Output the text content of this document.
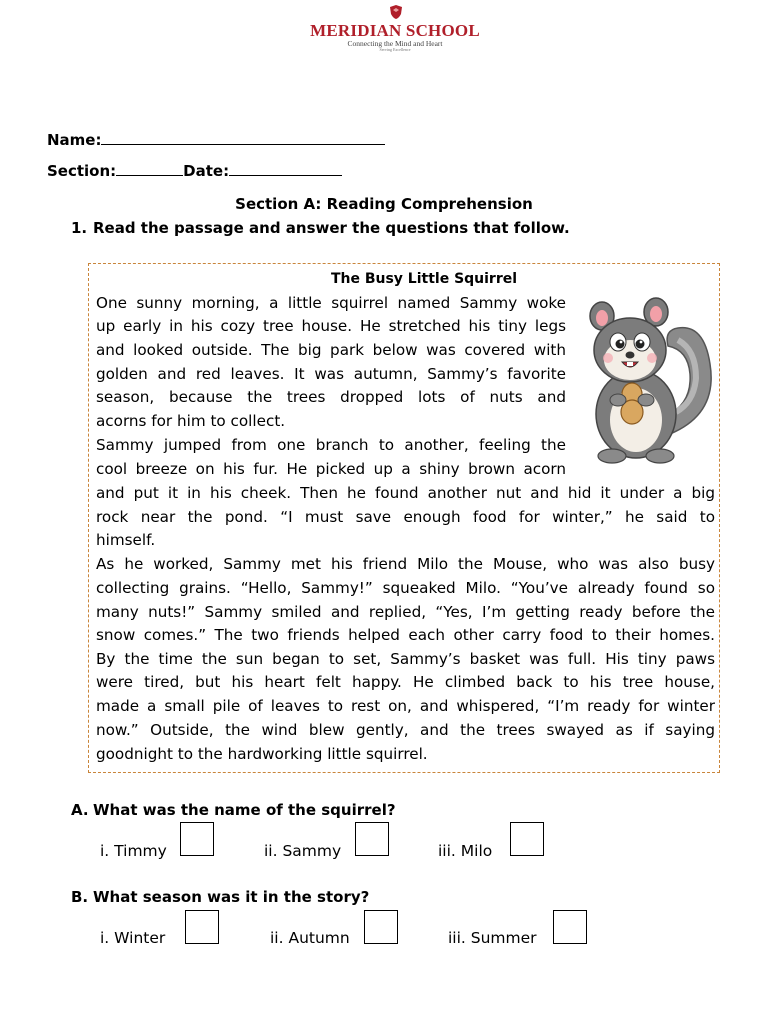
MERIDIAN SCHOOL
Connecting the Mind and Heart
Serving Excellence
Name:
Section:	Date:
Section A: Reading Comprehension
1. Read the passage and answer the questions that follow.
The Busy Little Squirrel
One sunny morning, a little squirrel named Sammy woke
up early in his cozy tree house. He stretched his tiny legs
and looked outside. The big park below was covered with
golden and red leaves. It was autumn, Sammy’s favorite
season, because the trees dropped lots of nuts and
acorns for him to collect.
Sammy jumped from one branch to another, feeling the
cool breeze on his fur. He picked up a shiny brown acorn
and put it in his cheek. Then he found another nut and hid it under a big
rock near the pond. “I must save enough food for winter,” he said to
himself.
As he worked, Sammy met his friend Milo the Mouse, who was also busy
collecting grains. “Hello, Sammy!” squeaked Milo. “You’ve already found so
many nuts!” Sammy smiled and replied, “Yes, I’m getting ready before the
snow comes.” The two friends helped each other carry food to their homes.
By the time the sun began to set, Sammy’s basket was full. His tiny paws
were tired, but his heart felt happy. He climbed back to his tree house,
made a small pile of leaves to rest on, and whispered, “I’m ready for winter
now.” Outside, the wind blew gently, and the trees swayed as if saying
goodnight to the hardworking little squirrel.
A. What was the name of the squirrel?
i. Timmy	ii. Sammy	iii. Milo
B. What season was it in the story?
i. Winter	ii. Autumn	iii. Summer
